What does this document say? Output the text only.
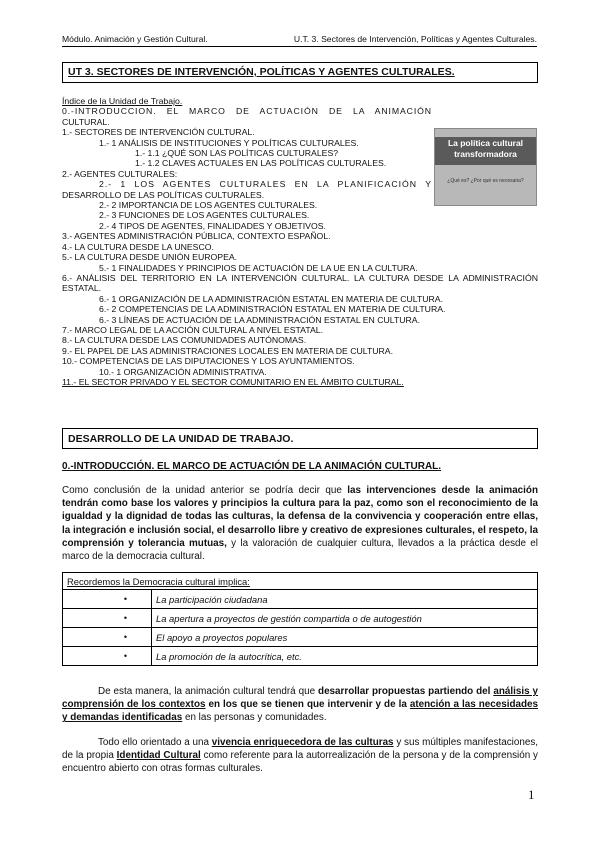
Módulo. Animación y Gestión Cultural.	U.T. 3. Sectores de Intervención, Políticas y Agentes Culturales.
UT 3. SECTORES DE INTERVENCIÓN, POLÍTICAS Y AGENTES CULTURALES.
Índice de la Unidad de Trabajo.
0.-INTRODUCCION. EL MARCO DE ACTUACIÓN DE LA ANIMACIÓN
CULTURAL.
1.- SECTORES DE INTERVENCIÓN CULTURAL.
1.- 1 ANÁLISIS DE INSTITUCIONES Y POLÍTICAS CULTURALES.
1.- 1.1 ¿QUÉ SON LAS POLÍTICAS CULTURALES?
1.- 1.2 CLAVES ACTUALES EN LAS POLÍTICAS CULTURALES.
2.- AGENTES CULTURALES:
2.- 1 LOS AGENTES CULTURALES EN LA PLANIFICACIÓN Y
DESARROLLO DE LAS POLÍTICAS CULTURALES.
2.- 2 IMPORTANCIA DE LOS AGENTES CULTURALES.
2.- 3 FUNCIONES DE LOS AGENTES CULTURALES.
2.- 4 TIPOS DE AGENTES, FINALIDADES Y OBJETIVOS.
3.- AGENTES ADMINISTRACIÓN PÚBLICA, CONTEXTO ESPAÑOL.
4.- LA CULTURA DESDE LA UNESCO.
5.- LA CULTURA DESDE UNIÓN EUROPEA.
5.- 1 FINALIDADES Y PRINCIPIOS DE ACTUACIÓN DE LA UE EN LA CULTURA.
6.- ANÁLISIS DEL TERRITORIO EN LA INTERVENCIÓN CULTURAL. LA CULTURA DESDE LA ADMINISTRACIÓN ESTATAL.
6.- 1 ORGANIZACIÓN DE LA ADMINISTRACIÓN ESTATAL EN MATERIA DE CULTURA.
6.- 2 COMPETENCIAS DE LA ADMINISTRACIÓN ESTATAL EN MATERIA DE CULTURA.
6.- 3 LÍNEAS DE ACTUACIÓN DE LA ADMINISTRACIÓN ESTATAL EN CULTURA.
7.- MARCO LEGAL DE LA ACCIÓN CULTURAL A NIVEL ESTATAL.
8.- LA CULTURA DESDE LAS COMUNIDADES AUTÓNOMAS.
9.- EL PAPEL DE LAS ADMINISTRACIONES LOCALES EN MATERIA DE CULTURA.
10.- COMPETENCIAS DE LAS DIPUTACIONES Y LOS AYUNTAMIENTOS.
10.- 1 ORGANIZACIÓN ADMINISTRATIVA.
11.- EL SECTOR PRIVADO Y EL SECTOR COMUNITARIO EN EL ÁMBITO CULTURAL.
La política cultural transformadora
¿Qué es? ¿Por qué es necesaria?
DESARROLLO DE LA UNIDAD DE TRABAJO.
0.-INTRODUCCIÓN. EL MARCO DE ACTUACIÓN DE LA ANIMACIÓN CULTURAL.
Como conclusión de la unidad anterior se podría decir que las intervenciones desde la animación tendrán como base los valores y principios la cultura para la paz, como son el reconocimiento de la igualdad y la dignidad de todas las culturas, la defensa de la convivencia y cooperación entre ellas, la integración e inclusión social, el desarrollo libre y creativo de expresiones culturales, el respeto, la comprensión y tolerancia mutuas, y la valoración de cualquier cultura, llevados a la práctica desde el marco de la democracia cultural.
Recordemos la Democracia cultural implica:	
•	La participación ciudadana
•	La apertura a proyectos de gestión compartida o de autogestión
•	El apoyo a proyectos populares
•	La promoción de la autocrítica, etc.
De esta manera, la animación cultural tendrá que desarrollar propuestas partiendo del análisis y comprensión de los contextos en los que se tienen que intervenir y de la atención a las necesidades y demandas identificadas en las personas y comunidades.
Todo ello orientado a una vivencia enriquecedora de las culturas y sus múltiples manifestaciones, de la propia Identidad Cultural como referente para la autorrealización de la persona y de la comprensión y encuentro abierto con otras formas culturales.
1
